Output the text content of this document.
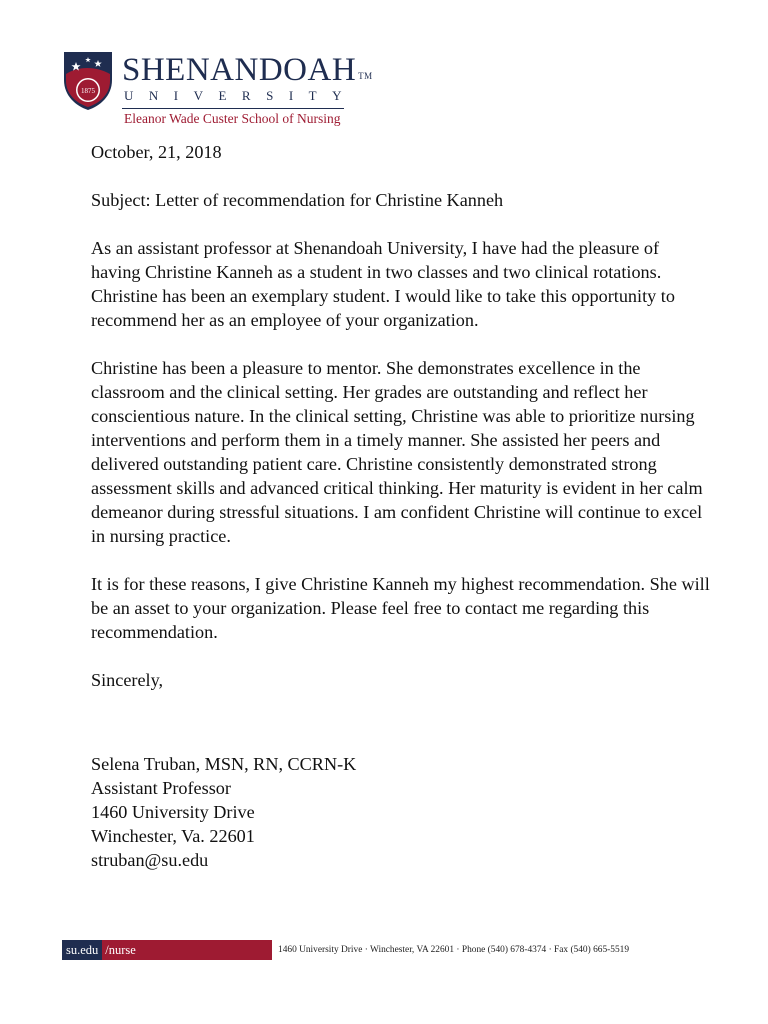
1875
SHENANDOAH ™
UNIVERSITY
Eleanor Wade Custer School of Nursing

October, 21, 2018

Subject: Letter of recommendation for Christine Kanneh

As an assistant professor at Shenandoah University, I have had the pleasure of having Christine Kanneh as a student in two classes and two clinical rotations. Christine has been an exemplary student. I would like to take this opportunity to recommend her as an employee of your organization.

Christine has been a pleasure to mentor. She demonstrates excellence in the classroom and the clinical setting. Her grades are outstanding and reflect her conscientious nature. In the clinical setting, Christine was able to prioritize nursing interventions and perform them in a timely manner. She assisted her peers and delivered outstanding patient care. Christine consistently demonstrated strong assessment skills and advanced critical thinking. Her maturity is evident in her calm demeanor during stressful situations. I am confident Christine will continue to excel in nursing practice.

It is for these reasons, I give Christine Kanneh my highest recommendation. She will be an asset to your organization. Please feel free to contact me regarding this recommendation.

Sincerely,

Selena Truban, MSN, RN, CCRN-K
Assistant Professor
1460 University Drive
Winchester, Va. 22601
struban@su.edu
su.edu /nurse	1460 University Drive · Winchester, VA 22601 · Phone (540) 678-4374 · Fax (540) 665-5519
